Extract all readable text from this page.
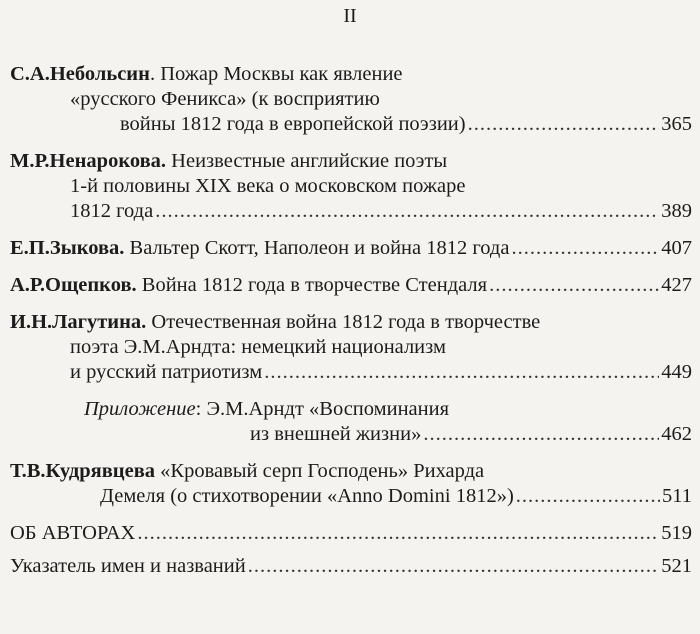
II
С.А.Небольсин. Пожар Москвы как явление
«русского Феникса» (к восприятию
войны 1812 года в европейской поэзии) .....	365
М.Р.Ненарокова. Неизвестные английские поэты
1-й половины XIX века о московском пожаре
1812 года .....	389
Е.П.Зыкова.
Вальтер Скотт, Наполеон и война 1812 года .....	407
А.Р.Ощепков.
Война 1812 года в творчестве Стендаля .....	427
И.Н.Лагутина. Отечественная война 1812 года в творчестве
поэта Э.М.Арндта: немецкий национализм
и русский патриотизм .....	449
Приложение: Э.М.Арндт «Воспоминания
из внешней жизни» .....	462
Т.В.Кудрявцева «Кровавый серп Господень» Рихарда
Демеля (о стихотворении «Anno Domini 1812») .....	511
ОБ АВТОРАХ .....	519
Указатель имен и названий .....	521
